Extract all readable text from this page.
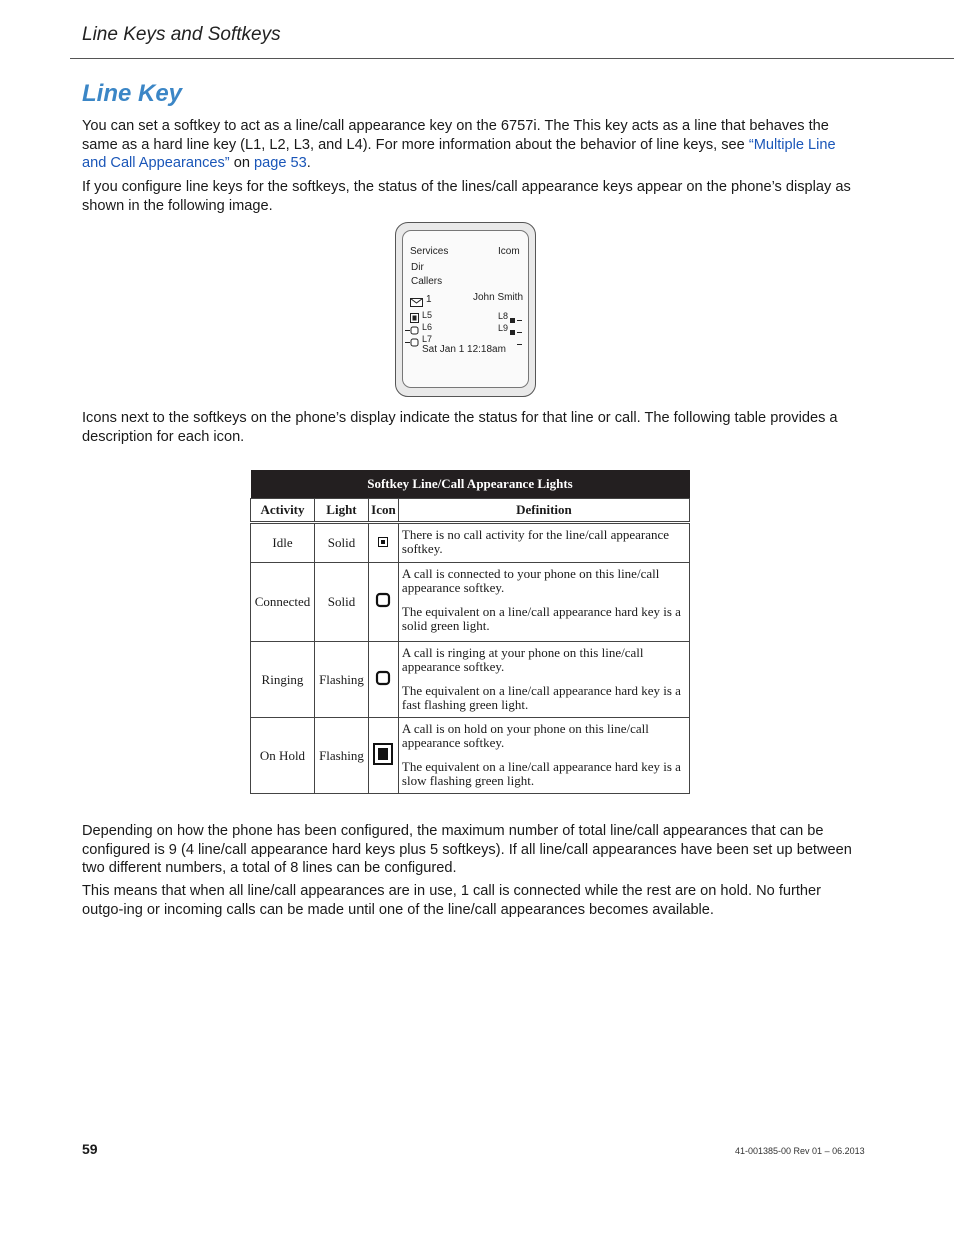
Line Keys and Softkeys
Line Key

You can set a softkey to act as a line/call appearance key on the 6757i. The This key acts as a line that behaves the same as a hard line key (L1, L2, L3, and L4). For more information about the behavior of line keys, see “Multiple Line and Call Appearances” on page 53.

If you configure line keys for the softkeys, the status of the lines/call appearance keys appear on the phone’s display as shown in the following image.

Services	Icom
Dir
Callers
1	John Smith
L5
L6
L7
L8
L9
Sat Jan 1 12:18am

Icons next to the softkeys on the phone’s display indicate the status for that line or call. The following table provides a description for each icon.

Softkey Line/Call Appearance Lights			
Activity	Light	Icon	Definition
Idle	Solid		There is no call activity for the line/call appearance softkey.

Connected	Solid		A call is connected to your phone on this line/call appearance softkey.

The equivalent on a line/call appearance hard key is a solid green light.

Ringing	Flashing		A call is ringing at your phone on this line/call appearance softkey.

The equivalent on a line/call appearance hard key is a fast flashing green light.

On Hold	Flashing		A call is on hold on your phone on this line/call appearance softkey.

The equivalent on a line/call appearance hard key is a slow flashing green light.

Depending on how the phone has been configured, the maximum number of total line/call appearances that can be configured is 9 (4 line/call appearance hard keys plus 5 softkeys). If all line/call appearances have been set up between two different numbers, a total of 8 lines can be configured.

This means that when all line/call appearances are in use, 1 call is connected while the rest are on hold. No further outgo-ing or incoming calls can be made until one of the line/call appearances becomes available.

59	41-001385-00 Rev 01 – 06.2013
